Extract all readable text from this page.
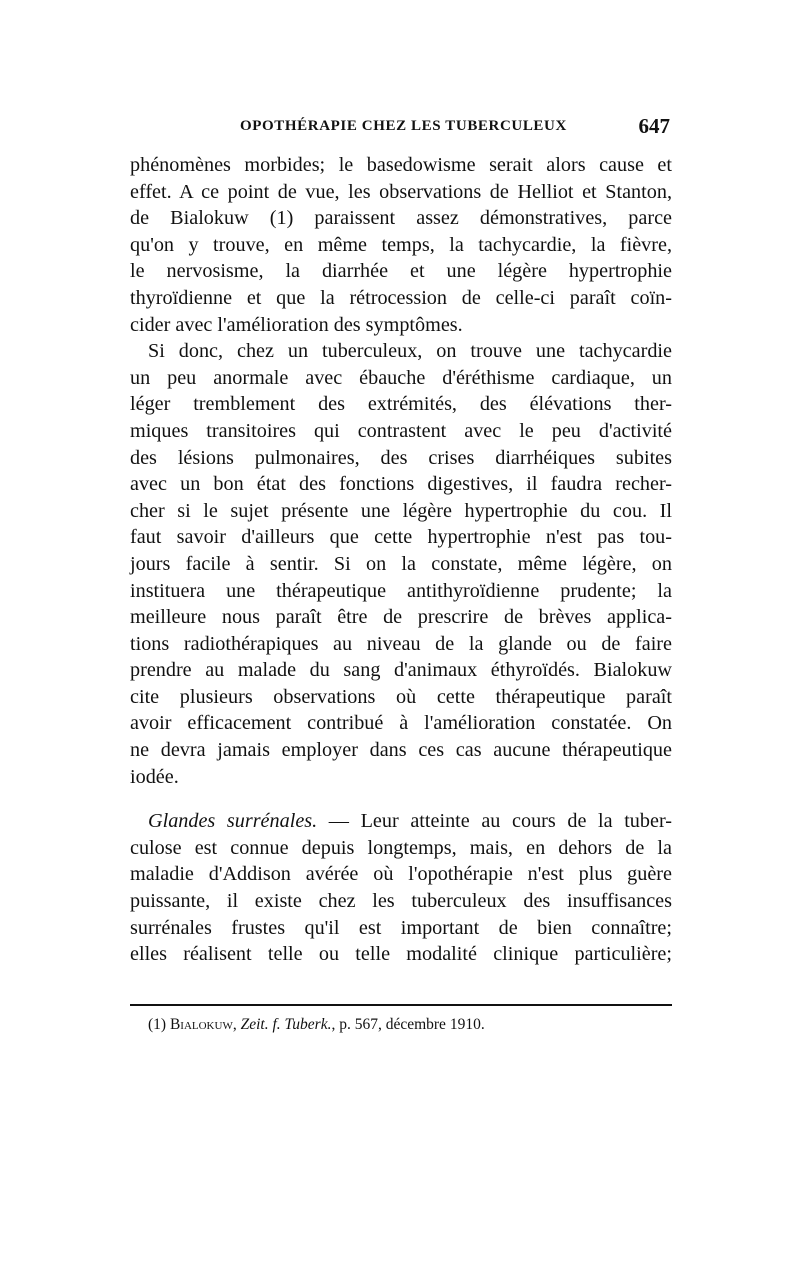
OPOTHÉRAPIE CHEZ LES TUBERCULEUX	647
phénomènes morbides; le basedowisme serait alors cause et
effet. A ce point de vue, les observations de Helliot et Stanton,
de Bialokuw (1) paraissent assez démonstratives, parce
qu'on y trouve, en même temps, la tachycardie, la fièvre,
le nervosisme, la diarrhée et une légère hypertrophie
thyroïdienne et que la rétrocession de celle-ci paraît coïn-
cider avec l'amélioration des symptômes.
Si donc, chez un tuberculeux, on trouve une tachycardie
un peu anormale avec ébauche d'éréthisme cardiaque, un
léger tremblement des extrémités, des élévations ther-
miques transitoires qui contrastent avec le peu d'activité
des lésions pulmonaires, des crises diarrhéiques subites
avec un bon état des fonctions digestives, il faudra recher-
cher si le sujet présente une légère hypertrophie du cou. Il
faut savoir d'ailleurs que cette hypertrophie n'est pas tou-
jours facile à sentir. Si on la constate, même légère, on
instituera une thérapeutique antithyroïdienne prudente; la
meilleure nous paraît être de prescrire de brèves applica-
tions radiothérapiques au niveau de la glande ou de faire
prendre au malade du sang d'animaux éthyroïdés. Bialokuw
cite plusieurs observations où cette thérapeutique paraît
avoir efficacement contribué à l'amélioration constatée. On
ne devra jamais employer dans ces cas aucune thérapeutique
iodée.
Glandes surrénales. — Leur atteinte au cours de la tuber-
culose est connue depuis longtemps, mais, en dehors de la
maladie d'Addison avérée où l'opothérapie n'est plus guère
puissante, il existe chez les tuberculeux des insuffisances
surrénales frustes qu'il est important de bien connaître;
elles réalisent telle ou telle modalité clinique particulière;
(1) Bialokuw, Zeit. f. Tuberk., p. 567, décembre 1910.
